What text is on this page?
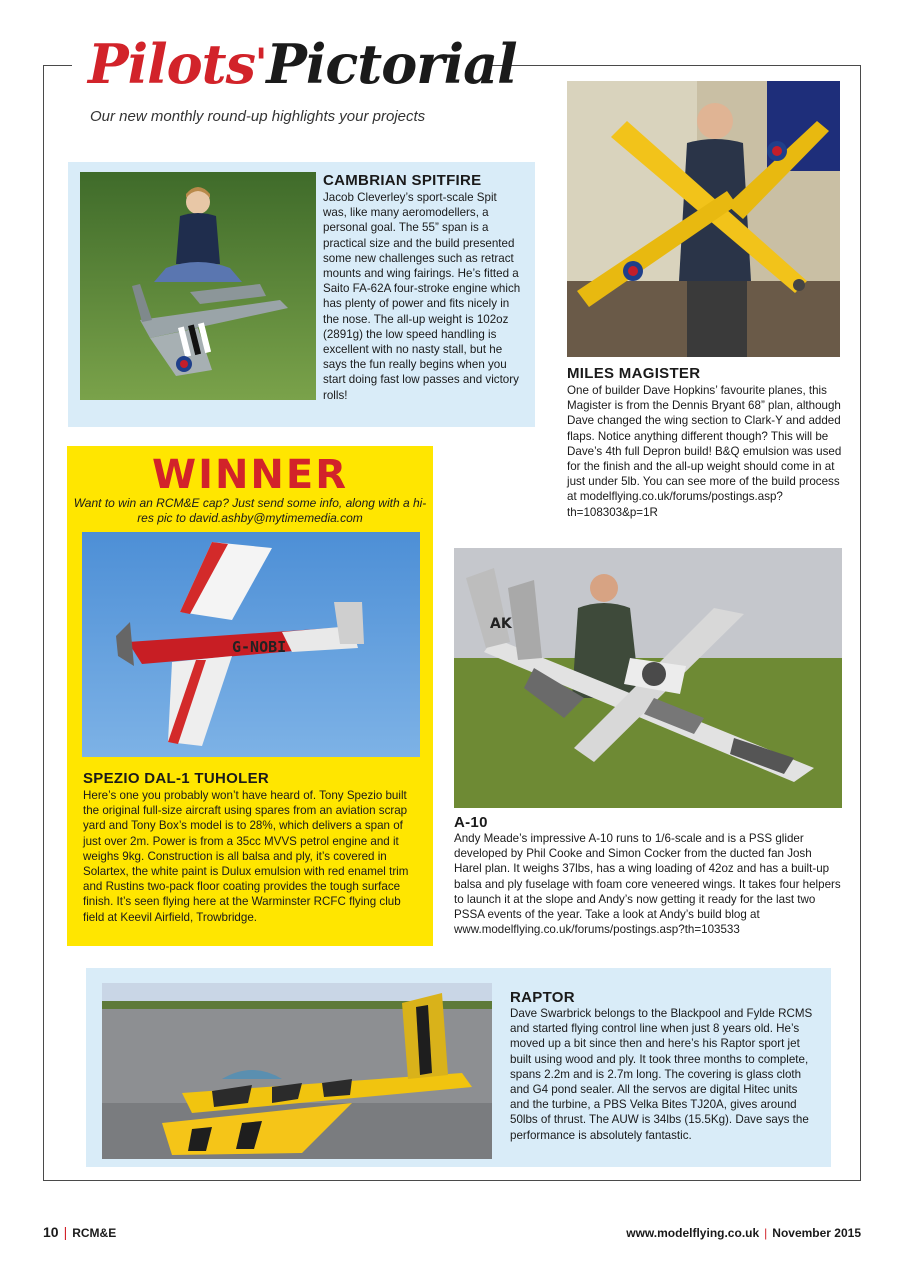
Pilots'Pictorial
Our new monthly round-up highlights your projects
CAMBRIAN SPITFIRE

Jacob Cleverley’s sport-scale Spit was, like many aeromodellers, a personal goal. The 55” span is a practical size and the build presented some new challenges such as retract mounts and wing fairings. He’s fitted a Saito FA-62A four-stroke engine which has plenty of power and fits nicely in the nose. The all-up weight is 102oz (2891g) the low speed handling is excellent with no nasty stall, but he says the fun really begins when you start doing fast low passes and victory rolls!

MILES MAGISTER

One of builder Dave Hopkins’ favourite planes, this Magister is from the Dennis Bryant 68” plan, although Dave changed the wing section to Clark-Y and added flaps. Notice anything different though? This will be Dave’s 4th full Depron build! B&Q emulsion was used for the finish and the all-up weight should come in at just under 5lb. You can see more of the build process at modelflying.co.uk/forums/postings.asp?th=108303&p=1R

WINNER
Want to win an RCM&E cap? Just send some info, along with a hi-res pic to david.ashby@mytimemedia.com
G-NOBI
SPEZIO DAL-1 TUHOLER

Here’s one you probably won’t have heard of. Tony Spezio built the original full-size aircraft using spares from an aviation scrap yard and Tony Box’s model is to 28%, which delivers a span of just over 2m. Power is from a 35cc MVVS petrol engine and it weighs 9kg. Construction is all balsa and ply, it’s covered in Solartex, the white paint is Dulux emulsion with red enamel trim and Rustins two-pack floor coating provides the tough surface finish. It’s seen flying here at the Warminster RCFC flying club field at Keevil Airfield, Trowbridge.

AK
A-10

Andy Meade’s impressive A-10 runs to 1/6-scale and is a PSS glider developed by Phil Cooke and Simon Cocker from the ducted fan Josh Harel plan. It weighs 37lbs, has a wing loading of 42oz and has a built-up balsa and ply fuselage with foam core veneered wings. It takes four helpers to launch it at the slope and Andy’s now getting it ready for the last two PSSA events of the year. Take a look at Andy’s build blog at www.modelflying.co.uk/forums/postings.asp?th=103533

RAPTOR

Dave Swarbrick belongs to the Blackpool and Fylde RCMS and started flying control line when just 8 years old. He’s moved up a bit since then and here’s his Raptor sport jet built using wood and ply. It took three months to complete, spans 2.2m and is 2.7m long. The covering is glass cloth and G4 pond sealer. All the servos are digital Hitec units and the turbine, a PBS Velka Bites TJ20A, gives around 50lbs of thrust. The AUW is 34lbs (15.5Kg). Dave says the performance is absolutely fantastic.

10 | RCM&E	www.modelflying.co.uk | November 2015
